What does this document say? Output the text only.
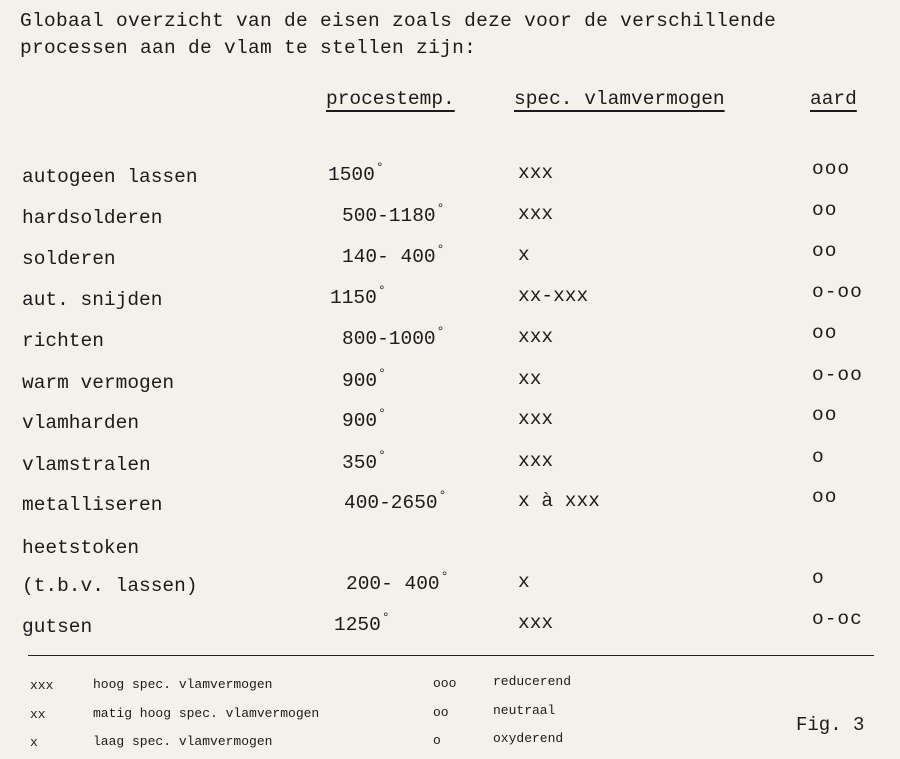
Globaal overzicht van de eisen zoals deze voor de verschillende
processen aan de vlam te stellen zijn:
procestemp.	spec. vlamvermogen	aard
autogeen lassen	1500°	xxx	ooo
hardsolderen	500-1180°	xxx	oo
solderen	140- 400°	x	oo
aut. snijden	1150°	xx-xxx	o-oo
richten	800-1000°	xxx	oo
warm vermogen	900°	xx	o-oo
vlamharden	900°	xxx	oo
vlamstralen	350°	xxx	o
metalliseren	400-2650°	x à xxx	oo
heetstoken
(t.b.v. lassen)	200- 400°	x	o
gutsen	1250°	xxx	o-oc
xxx	hoog spec. vlamvermogen	ooo	reducerend
xx	matig hoog spec. vlamvermogen	oo	neutraal
x	laag spec. vlamvermogen	o	oxyderend
Fig. 3
